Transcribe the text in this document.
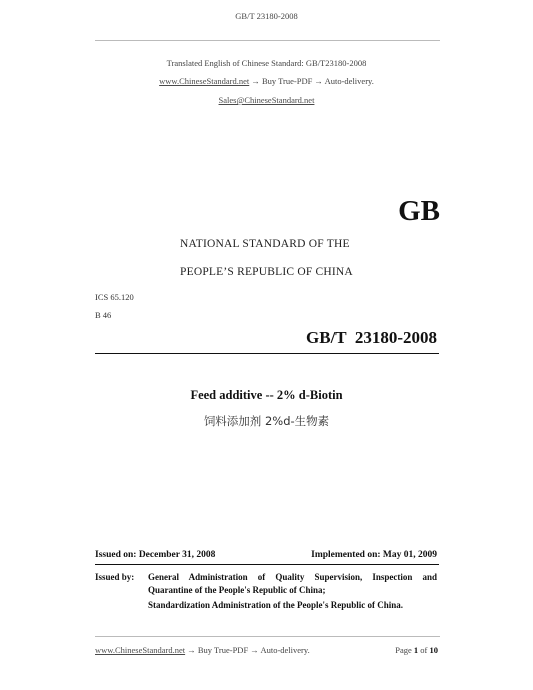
GB/T 23180-2008
Translated English of Chinese Standard: GB/T23180-2008
www.ChineseStandard.net → Buy True-PDF → Auto-delivery.
Sales@ChineseStandard.net
GB
NATIONAL STANDARD OF THE
PEOPLE’S REPUBLIC OF CHINA
ICS 65.120
B 46
GB/T  23180-2008
Feed additive -- 2% d-Biotin
饲料添加剂 2%d-生物素
Issued on: December 31, 2008	Implemented on: May 01, 2009
Issued by: General Administration of Quality Supervision, Inspection and
Quarantine of the People's Republic of China;
Standardization Administration of the People's Republic of China.
www.ChineseStandard.net → Buy True-PDF → Auto-delivery.	Page 1 of 10
